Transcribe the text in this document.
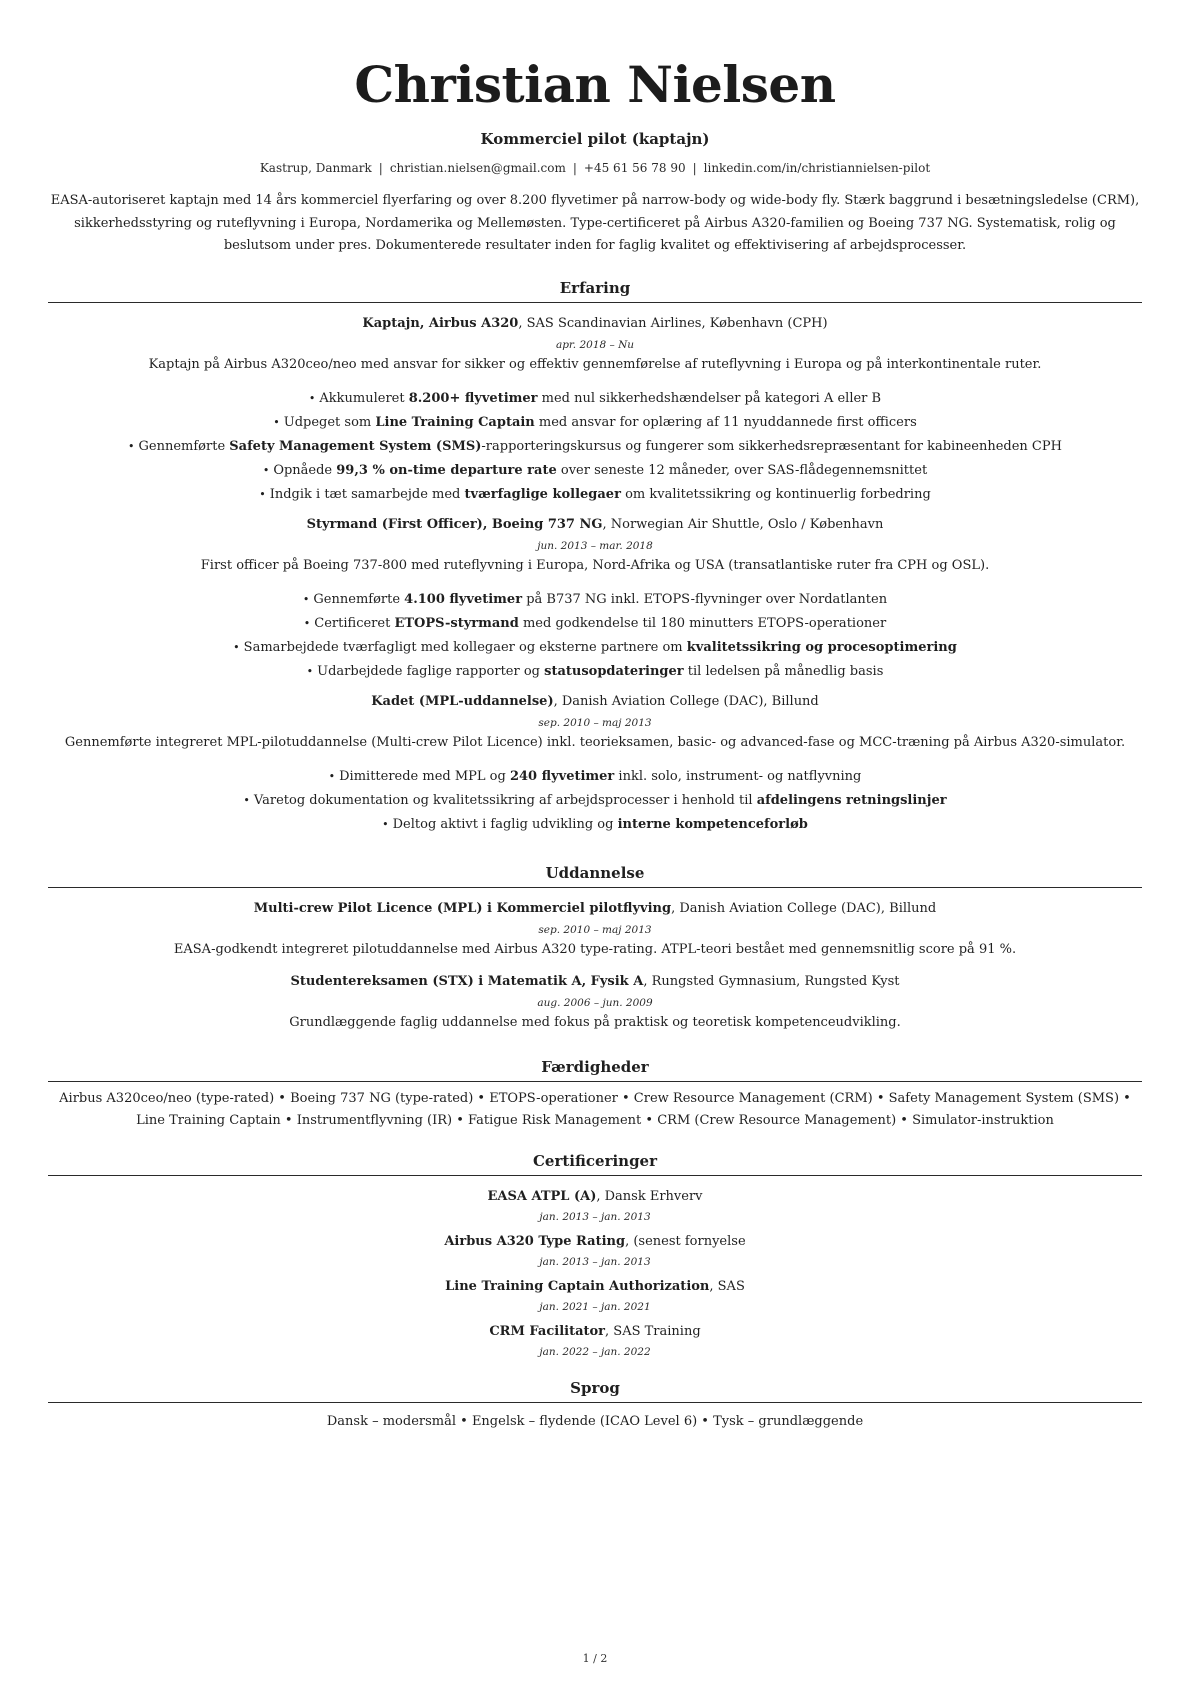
Christian Nielsen
Kommerciel pilot (kaptajn)
Kastrup, Danmark | christian.nielsen@gmail.com | +45 61 56 78 90 | linkedin.com/in/christiannielsen-pilot
EASA-autoriseret kaptajn med 14 års kommerciel flyerfaring og over 8.200 flyvetimer på narrow-body og wide-body fly. Stærk baggrund i besætningsledelse (CRM), sikkerhedsstyring og ruteflyvning i Europa, Nordamerika og Mellemøsten. Type-certificeret på Airbus A320-familien og Boeing 737 NG. Systematisk, rolig og beslutsom under pres. Dokumenterede resultater inden for faglig kvalitet og effektivisering af arbejdsprocesser.
Erfaring
Kaptajn, Airbus A320, SAS Scandinavian Airlines, København (CPH)
apr. 2018 – Nu
Kaptajn på Airbus A320ceo/neo med ansvar for sikker og effektiv gennemførelse af ruteflyvning i Europa og på interkontinentale ruter.
• Akkumuleret 8.200+ flyvetimer med nul sikkerhedshændelser på kategori A eller B
• Udpeget som Line Training Captain med ansvar for oplæring af 11 nyuddannede first officers
• Gennemførte Safety Management System (SMS)-rapporteringskursus og fungerer som sikkerhedsrepræsentant for kabineenheden CPH
• Opnåede 99,3 % on-time departure rate over seneste 12 måneder, over SAS-flådegennemsnittet
• Indgik i tæt samarbejde med tværfaglige kollegaer om kvalitetssikring og kontinuerlig forbedring
Styrmand (First Officer), Boeing 737 NG, Norwegian Air Shuttle, Oslo / København
jun. 2013 – mar. 2018
First officer på Boeing 737-800 med ruteflyvning i Europa, Nord-Afrika og USA (transatlantiske ruter fra CPH og OSL).
• Gennemførte 4.100 flyvetimer på B737 NG inkl. ETOPS-flyvninger over Nordatlanten
• Certificeret ETOPS-styrmand med godkendelse til 180 minutters ETOPS-operationer
• Samarbejdede tværfagligt med kollegaer og eksterne partnere om kvalitetssikring og procesoptimering
• Udarbejdede faglige rapporter og statusopdateringer til ledelsen på månedlig basis
Kadet (MPL-uddannelse), Danish Aviation College (DAC), Billund
sep. 2010 – maj 2013
Gennemførte integreret MPL-pilotuddannelse (Multi-crew Pilot Licence) inkl. teorieksamen, basic- og advanced-fase og MCC-træning på Airbus A320-simulator.
• Dimitterede med MPL og 240 flyvetimer inkl. solo, instrument- og natflyvning
• Varetog dokumentation og kvalitetssikring af arbejdsprocesser i henhold til afdelingens retningslinjer
• Deltog aktivt i faglig udvikling og interne kompetenceforløb
Uddannelse
Multi-crew Pilot Licence (MPL) i Kommerciel pilotflyving, Danish Aviation College (DAC), Billund
sep. 2010 – maj 2013
EASA-godkendt integreret pilotuddannelse med Airbus A320 type-rating. ATPL-teori bestået med gennemsnitlig score på 91 %.
Studentereksamen (STX) i Matematik A, Fysik A, Rungsted Gymnasium, Rungsted Kyst
aug. 2006 – jun. 2009
Grundlæggende faglig uddannelse med fokus på praktisk og teoretisk kompetenceudvikling.
Færdigheder
Airbus A320ceo/neo (type-rated) • Boeing 737 NG (type-rated) • ETOPS-operationer • Crew Resource Management (CRM) • Safety Management System (SMS) • Line Training Captain • Instrumentflyvning (IR) • Fatigue Risk Management • CRM (Crew Resource Management) • Simulator-instruktion
Certificeringer
EASA ATPL (A), Dansk Erhverv
jan. 2013 – jan. 2013
Airbus A320 Type Rating, (senest fornyelse
jan. 2013 – jan. 2013
Line Training Captain Authorization, SAS
jan. 2021 – jan. 2021
CRM Facilitator, SAS Training
jan. 2022 – jan. 2022
Sprog
Dansk – modersmål • Engelsk – flydende (ICAO Level 6) • Tysk – grundlæggende
1 / 2
